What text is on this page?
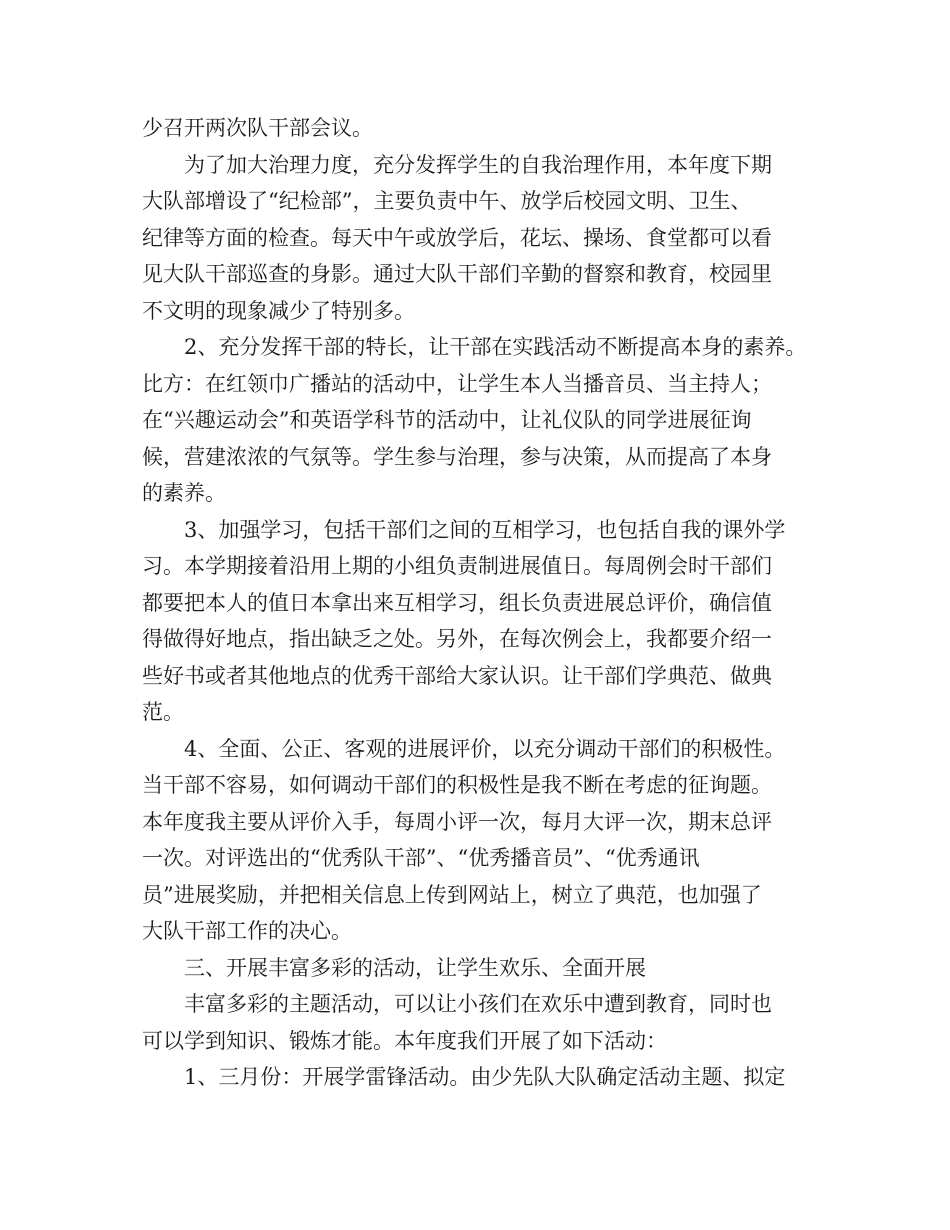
少召开两次队干部会议。
为了加大治理力度，充分发挥学生的自我治理作用，本年度下期
大队部增设了“纪检部”，主要负责中午、放学后校园文明、卫生、
纪律等方面的检查。每天中午或放学后，花坛、操场、食堂都可以看
见大队干部巡查的身影。通过大队干部们辛勤的督察和教育，校园里
不文明的现象减少了特别多。
2、充分发挥干部的特长，让干部在实践活动不断提高本身的素养。
比方：在红领巾广播站的活动中，让学生本人当播音员、当主持人；
在“兴趣运动会”和英语学科节的活动中，让礼仪队的同学进展征询
候，营建浓浓的气氛等。学生参与治理，参与决策，从而提高了本身
的素养。
3、加强学习，包括干部们之间的互相学习，也包括自我的课外学
习。本学期接着沿用上期的小组负责制进展值日。每周例会时干部们
都要把本人的值日本拿出来互相学习，组长负责进展总评价，确信值
得做得好地点，指出缺乏之处。另外，在每次例会上，我都要介绍一
些好书或者其他地点的优秀干部给大家认识。让干部们学典范、做典
范。
4、全面、公正、客观的进展评价，以充分调动干部们的积极性。
当干部不容易，如何调动干部们的积极性是我不断在考虑的征询题。
本年度我主要从评价入手，每周小评一次，每月大评一次，期末总评
一次。对评选出的“优秀队干部”、“优秀播音员”、“优秀通讯
员”进展奖励，并把相关信息上传到网站上，树立了典范，也加强了
大队干部工作的决心。
三、开展丰富多彩的活动，让学生欢乐、全面开展
丰富多彩的主题活动，可以让小孩们在欢乐中遭到教育，同时也
可以学到知识、锻炼才能。本年度我们开展了如下活动：
1、三月份：开展学雷锋活动。由少先队大队确定活动主题、拟定
